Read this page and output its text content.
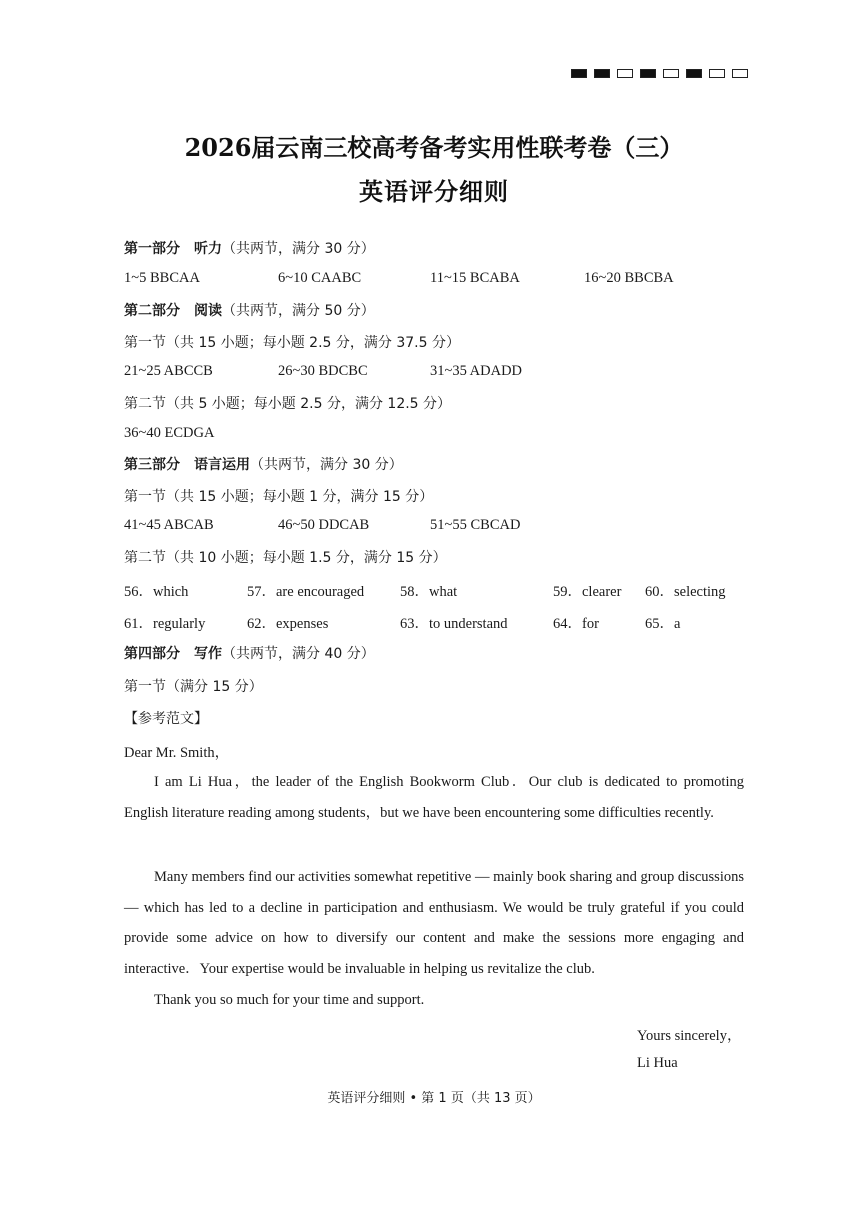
2026届云南三校高考备考实用性联考卷（三）
英语评分细则
第一部分　听力（共两节，满分 30 分）
1~5 BBCAA	6~10 CAABC	11~15 BCABA	16~20 BBCBA
第二部分　阅读（共两节，满分 50 分）
第一节（共 15 小题；每小题 2.5 分，满分 37.5 分）
21~25 ABCCB	26~30 BDCBC	31~35 ADADD
第二节（共 5 小题；每小题 2.5 分，满分 12.5 分）
36~40 ECDGA
第三部分　语言运用（共两节，满分 30 分）
第一节（共 15 小题；每小题 1 分，满分 15 分）
41~45 ABCAB	46~50 DDCAB	51~55 CBCAD
第二节（共 10 小题；每小题 1.5 分，满分 15 分）
56．which	57．are encouraged 58．what	59．clearer 60．selecting
61．regularly	62．expenses	63．to understand	64．for	65．a
第四部分　写作（共两节，满分 40 分）
第一节（满分 15 分）
【参考范文】
Dear Mr. Smith，
I am Li Hua，the leader of the English Bookworm Club．Our club is dedicated to promoting English literature reading among students，but we have been encountering some difficulties recently.
Many members find our activities somewhat repetitive — mainly book sharing and group discussions — which has led to a decline in participation and enthusiasm. We would be truly grateful if you could provide some advice on how to diversify our content and make the sessions more engaging and interactive．Your expertise would be invaluable in helping us revitalize the club.
Thank you so much for your time and support.
Yours sincerely，
Li Hua
英语评分细则 • 第 1 页（共 13 页）
